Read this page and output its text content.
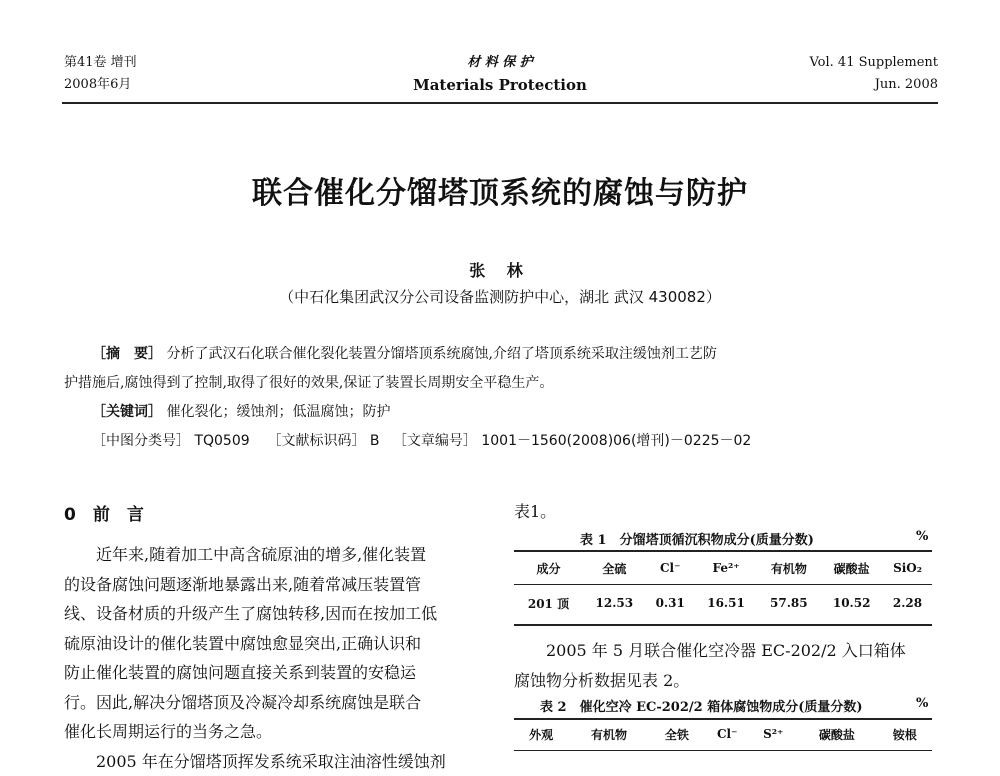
第41卷 增刊
2008年6月
材 料 保 护
Materials Protection
Vol. 41 Supplement
Jun. 2008
联合催化分馏塔顶系统的腐蚀与防护
张 林
（中石化集团武汉分公司设备监测防护中心，湖北 武汉 430082）
［摘　要］ 分析了武汉石化联合催化裂化装置分馏塔顶系统腐蚀,介绍了塔顶系统采取注缓蚀剂工艺防
护措施后,腐蚀得到了控制,取得了很好的效果,保证了装置长周期安全平稳生产。
［关键词］ 催化裂化；缓蚀剂；低温腐蚀；防护
［中图分类号］ TQ0509 ［文献标识码］ B ［文章编号］ 1001－1560(2008)06(增刊)－0225－02
0　前　言
　　近年来,随着加工中高含硫原油的增多,催化装置
的设备腐蚀问题逐渐地暴露出来,随着常减压装置管
线、设备材质的升级产生了腐蚀转移,因而在按加工低
硫原油设计的催化装置中腐蚀愈显突出,正确认识和
防止催化装置的腐蚀问题直接关系到装置的安稳运
行。因此,解决分馏塔顶及冷凝冷却系统腐蚀是联合
催化长周期运行的当务之急。
　　2005 年在分馏塔顶挥发系统采取注油溶性缓蚀剂
表1。
表 1　分馏塔顶循沉积物成分(质量分数)	%
成分	全硫	Cl⁻	Fe²⁺	有机物	碳酸盐	SiO₂
201 顶	12.53	0.31	16.51	57.85	10.52	2.28
　　2005 年 5 月联合催化空冷器 EC-202/2 入口箱体
腐蚀物分析数据见表 2。
表 2　催化空冷 EC-202/2 箱体腐蚀物成分(质量分数)	%
外观	有机物	全铁	Cl⁻	S²⁺	碳酸盐	铵根
